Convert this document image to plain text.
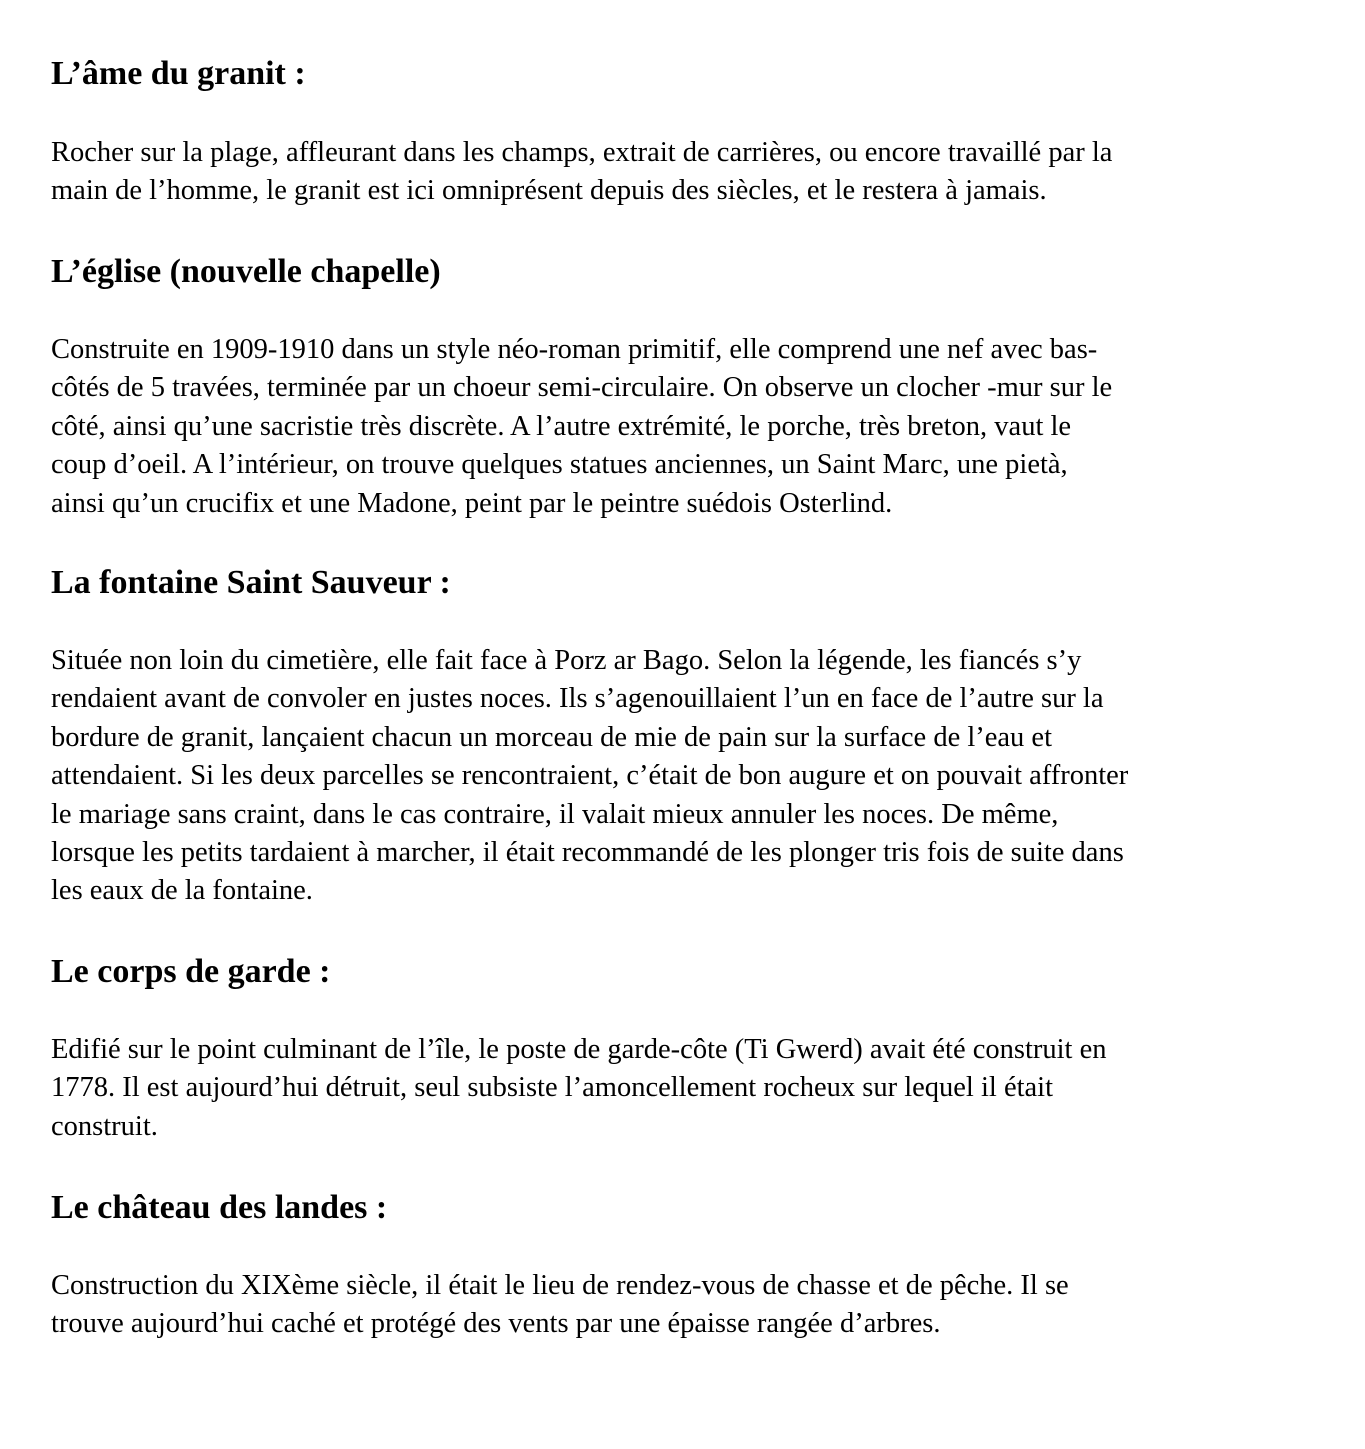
L’âme du granit :

Rocher sur la plage, affleurant dans les champs, extrait de carrières, ou encore travaillé par la
main de l’homme, le granit est ici omniprésent depuis des siècles, et le restera à jamais.

L’église (nouvelle chapelle)

Construite en 1909-1910 dans un style néo-roman primitif, elle comprend une nef avec bas-
côtés de 5 travées, terminée par un choeur semi-circulaire. On observe un clocher -mur sur le
côté, ainsi qu’une sacristie très discrète. A l’autre extrémité, le porche, très breton, vaut le
coup d’oeil. A l’intérieur, on trouve quelques statues anciennes, un Saint Marc, une pietà,
ainsi qu’un crucifix et une Madone, peint par le peintre suédois Osterlind.

La fontaine Saint Sauveur :

Située non loin du cimetière, elle fait face à Porz ar Bago. Selon la légende, les fiancés s’y
rendaient avant de convoler en justes noces. Ils s’agenouillaient l’un en face de l’autre sur la
bordure de granit, lançaient chacun un morceau de mie de pain sur la surface de l’eau et
attendaient. Si les deux parcelles se rencontraient, c’était de bon augure et on pouvait affronter
le mariage sans craint, dans le cas contraire, il valait mieux annuler les noces. De même,
lorsque les petits tardaient à marcher, il était recommandé de les plonger tris fois de suite dans
les eaux de la fontaine.

Le corps de garde :

Edifié sur le point culminant de l’île, le poste de garde-côte (Ti Gwerd) avait été construit en
1778. Il est aujourd’hui détruit, seul subsiste l’amoncellement rocheux sur lequel il était
construit.

Le château des landes :

Construction du XIXème siècle, il était le lieu de rendez-vous de chasse et de pêche. Il se
trouve aujourd’hui caché et protégé des vents par une épaisse rangée d’arbres.
